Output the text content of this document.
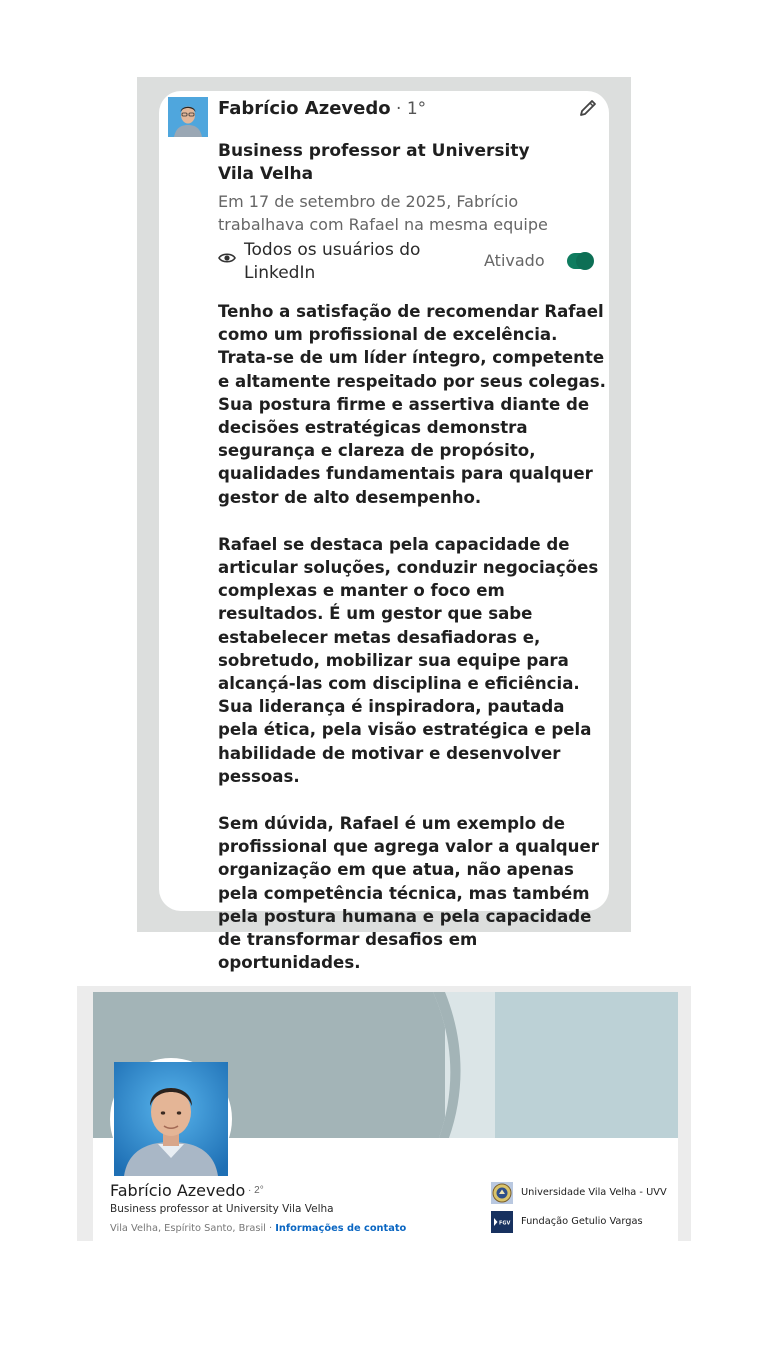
Fabrício Azevedo · 1°
Business professor at University Vila Velha
Em 17 de setembro de 2025, Fabrício trabalhava com Rafael na mesma equipe
Todos os usuários do LinkedIn
Ativado

Tenho a satisfação de recomendar Rafael como um profissional de excelência. Trata-se de um líder íntegro, competente e altamente respeitado por seus colegas. Sua postura firme e assertiva diante de decisões estratégicas demonstra segurança e clareza de propósito, qualidades fundamentais para qualquer gestor de alto desempenho.

Rafael se destaca pela capacidade de articular soluções, conduzir negociações complexas e manter o foco em resultados. É um gestor que sabe estabelecer metas desafiadoras e, sobretudo, mobilizar sua equipe para alcançá-las com disciplina e eficiência. Sua liderança é inspiradora, pautada pela ética, pela visão estratégica e pela habilidade de motivar e desenvolver pessoas.

Sem dúvida, Rafael é um exemplo de profissional que agrega valor a qualquer organização em que atua, não apenas pela competência técnica, mas também pela postura humana e pela capacidade de transformar desafios em oportunidades.

Fabrício Azevedo · 2°
Business professor at University Vila Velha
Vila Velha, Espírito Santo, Brasil · Informações de contato
Universidade Vila Velha - UVV
FGV Fundação Getulio Vargas
